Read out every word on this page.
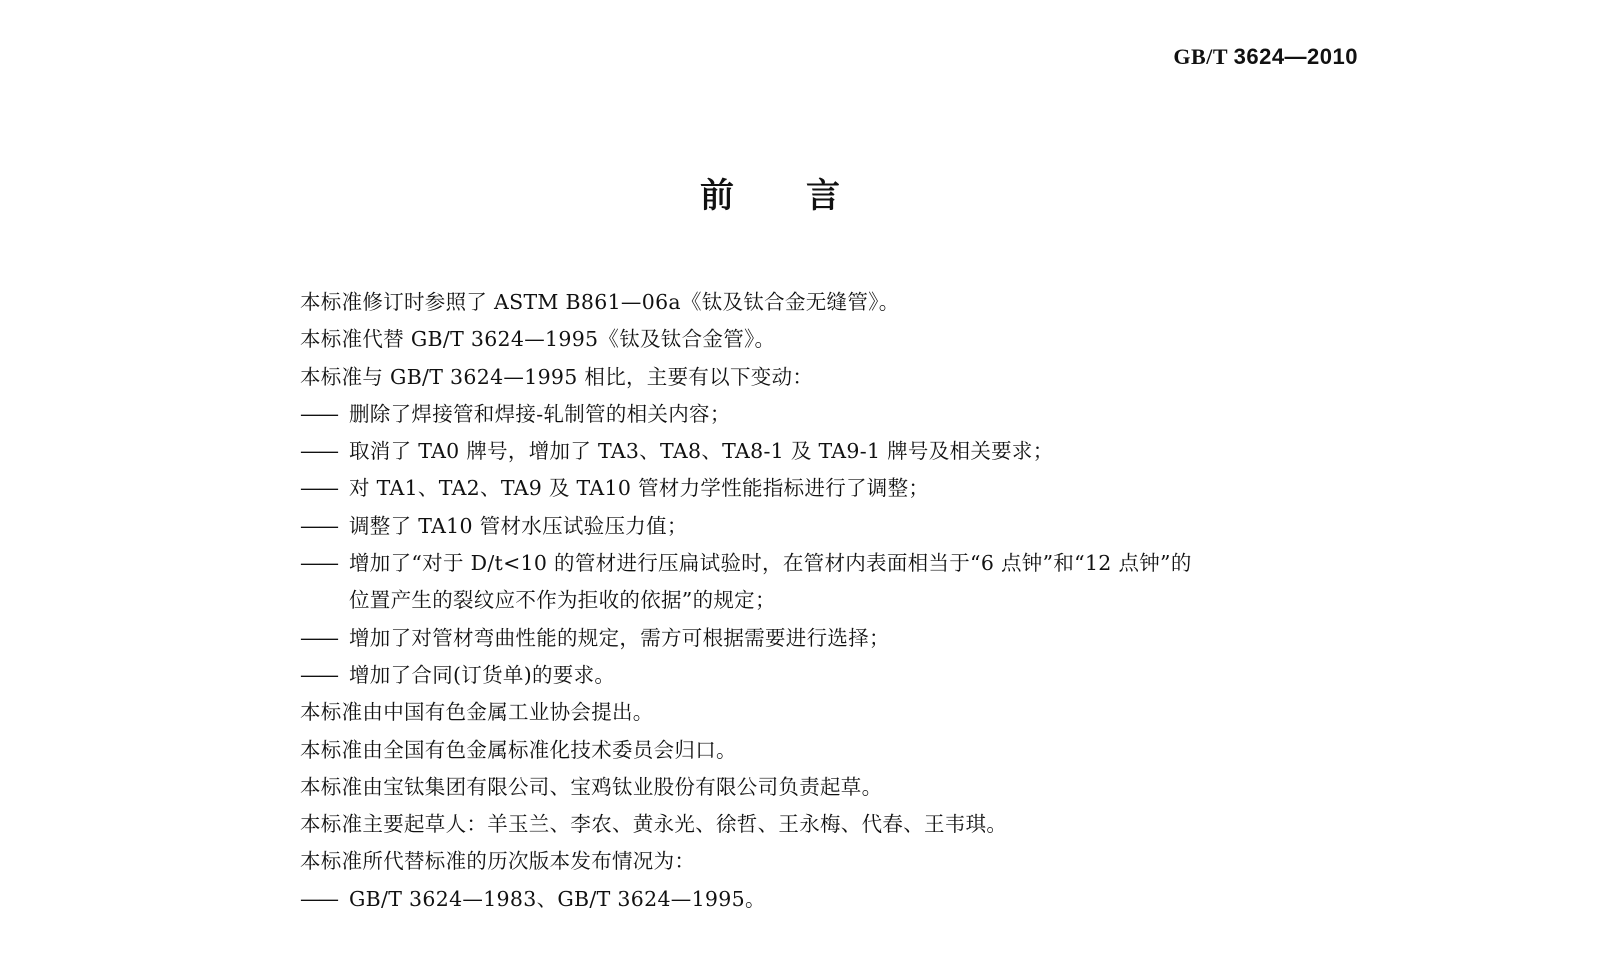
GB/T 3624—2010
前言
本标准修订时参照了 ASTM B861—06a《钛及钛合金无缝管》。
本标准代替 GB/T 3624—1995《钛及钛合金管》。
本标准与 GB/T 3624—1995 相比，主要有以下变动：
—— 删除了焊接管和焊接-轧制管的相关内容；
—— 取消了 TA0 牌号，增加了 TA3、TA8、TA8-1 及 TA9-1 牌号及相关要求；
—— 对 TA1、TA2、TA9 及 TA10 管材力学性能指标进行了调整；
—— 调整了 TA10 管材水压试验压力值；
—— 增加了“对于 D/t<10 的管材进行压扁试验时，在管材内表面相当于“6 点钟”和“12 点钟”的
位置产生的裂纹应不作为拒收的依据”的规定；
—— 增加了对管材弯曲性能的规定，需方可根据需要进行选择；
—— 增加了合同(订货单)的要求。
本标准由中国有色金属工业协会提出。
本标准由全国有色金属标准化技术委员会归口。
本标准由宝钛集团有限公司、宝鸡钛业股份有限公司负责起草。
本标准主要起草人：羊玉兰、李农、黄永光、徐哲、王永梅、代春、王韦琪。
本标准所代替标准的历次版本发布情况为：
—— GB/T 3624—1983、GB/T 3624—1995。
